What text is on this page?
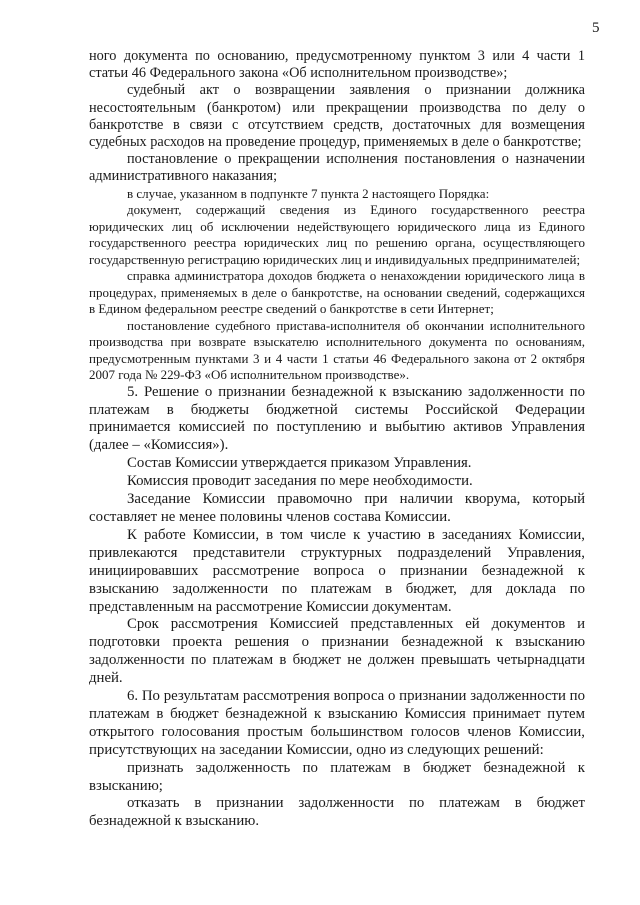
5

ного документа по основанию, предусмотренному пунктом 3 или 4 части 1 статьи 46 Федерального закона «Об исполнительном производстве»;

судебный акт о возвращении заявления о признании должника несостоятельным (банкротом) или прекращении производства по делу о банкротстве в связи с отсутствием средств, достаточных для возмещения судебных расходов на проведение процедур, применяемых в деле о банкротстве;

постановление о прекращении исполнения постановления о назначении административного наказания;

в случае, указанном в подпункте 7 пункта 2 настоящего Порядка:

документ, содержащий сведения из Единого государственного реестра юридических лиц об исключении недействующего юридического лица из Единого государственного реестра юридических лиц по решению органа, осуществляющего государственную регистрацию юридических лиц и индивидуальных предпринимателей;

справка администратора доходов бюджета о ненахождении юридического лица в процедурах, применяемых в деле о банкротстве, на основании сведений, содержащихся в Едином федеральном реестре сведений о банкротстве в сети Интернет;

постановление судебного пристава-исполнителя об окончании исполнительного производства при возврате взыскателю исполнительного документа по основаниям, предусмотренным пунктами 3 и 4 части 1 статьи 46 Федерального закона от 2 октября 2007 года № 229-ФЗ «Об исполнительном производстве».

5. Решение о признании безнадежной к взысканию задолженности по платежам в бюджеты бюджетной системы Российской Федерации принимается комиссией по поступлению и выбытию активов Управления (далее – «Комиссия»).

Состав Комиссии утверждается приказом Управления.

Комиссия проводит заседания по мере необходимости.

Заседание Комиссии правомочно при наличии кворума, который составляет не менее половины членов состава Комиссии.

К работе Комиссии, в том числе к участию в заседаниях Комиссии, привлекаются представители структурных подразделений Управления, инициировавших рассмотрение вопроса о признании безнадежной к взысканию задолженности по платежам в бюджет, для доклада по представленным на рассмотрение Комиссии документам.

Срок рассмотрения Комиссией представленных ей документов и подготовки проекта решения о признании безнадежной к взысканию задолженности по платежам в бюджет не должен превышать четырнадцати дней.

6. По результатам рассмотрения вопроса о признании задолженности по платежам в бюджет безнадежной к взысканию Комиссия принимает путем открытого голосования простым большинством голосов членов Комиссии, присутствующих на заседании Комиссии, одно из следующих решений:

признать задолженность по платежам в бюджет безнадежной к взысканию;

отказать в признании задолженности по платежам в бюджет безнадежной к взысканию.
